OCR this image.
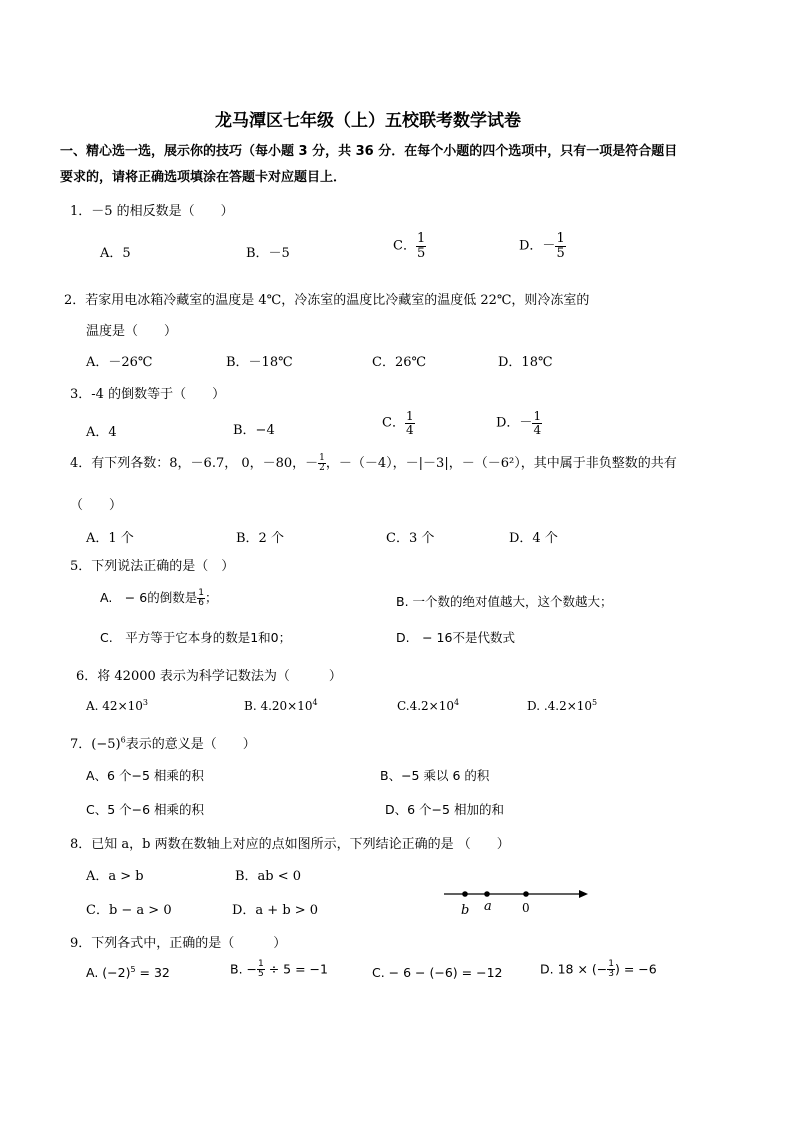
龙马潭区七年级（上）五校联考数学试卷
一、精心选一选，展示你的技巧（每小题 3 分，共 36 分．在每个小题的四个选项中，只有一项是符合题目
要求的，请将正确选项填涂在答题卡对应题目上．
1．－5 的相反数是（　　）
A．5	B．－5	C． $\frac{1}{5}$	D．－ $\frac{1}{5}$
2．若家用电冰箱冷藏室的温度是 4℃，冷冻室的温度比冷藏室的温度低 22℃，则冷冻室的
温度是（　　）
A．－26℃	B．－18℃	C．26℃	D．18℃
3．-4 的倒数等于（　　）
A．4	B．−4	C． $\frac{1}{4}$	D．－ $\frac{1}{4}$
4．有下列各数：8，－6.7， 0，－80，－ $\frac{1}{2}$ ，－（－4），－|－3|，－（－6²），其中属于非负整数的共有
（　　）
A．1 个	B．2 个	C．3 个	D．4 个
5．下列说法正确的是（　）
A.　− 6的倒数是 $\frac{1}{6}$ ；	B. 一个数的绝对值越大，这个数越大；
C.　平方等于它本身的数是1和0；	D.　− 16不是代数式
6．将 42000 表示为科学记数法为（　　　）
A. $42\times 10^3$	B. $4.20\times 10^4$	$C.4.2\times 10^4$	D. $.4.2\times 10^5$
7．$(-5)^6$表示的意义是（　　）
A、6 个−5 相乘的积	B、−5 乘以 6 的积
C、5 个−6 相乘的积	D、6 个−5 相加的和
8．已知 a，b 两数在数轴上对应的点如图所示，下列结论正确的是 （　　）
A．a > b	B．ab < 0
C．b − a > 0	D．a + b > 0	b a	0
9．下列各式中，正确的是（　　　）
A. $(-2)^5 = 32$	B. − $\frac{1}{5} \div 5 = -1$	C. − 6 − (−6) = −12	D. 18 × (− $\frac{1}{3}$ ) = −6
